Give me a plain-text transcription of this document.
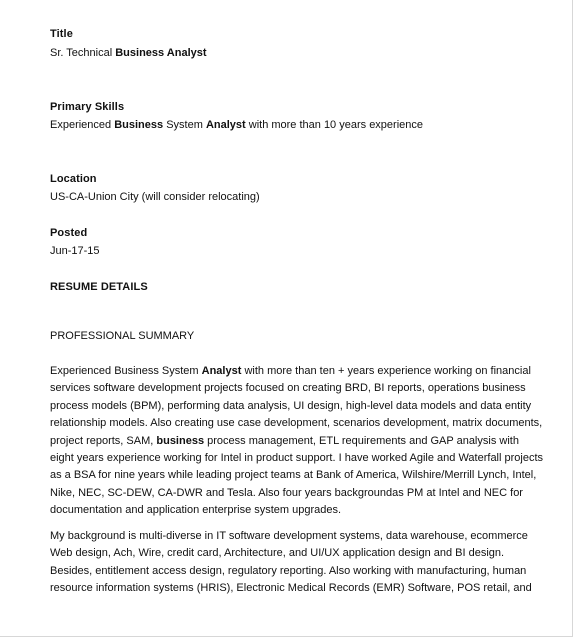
Title
Sr. Technical Business Analyst
Primary Skills
Experienced Business System Analyst with more than 10 years experience
Location
US-CA-Union City (will consider relocating)
Posted
Jun-17-15
RESUME DETAILS
PROFESSIONAL SUMMARY
Experienced Business System Analyst with more than ten + years experience working on financial
services software development projects focused on creating BRD, BI reports, operations business
process models (BPM), performing data analysis, UI design, high-level data models and data entity
relationship models. Also creating use case development, scenarios development, matrix documents,
project reports, SAM, business process management, ETL requirements and GAP analysis with
eight years experience working for Intel in product support. I have worked Agile and Waterfall projects
as a BSA for nine years while leading project teams at Bank of America, Wilshire/Merrill Lynch, Intel,
Nike, NEC, SC-DEW, CA-DWR and Tesla. Also four years backgroundas PM at Intel and NEC for
documentation and application enterprise system upgrades.
My background is multi-diverse in IT software development systems, data warehouse, ecommerce
Web design, Ach, Wire, credit card, Architecture, and UI/UX application design and BI design.
Besides, entitlement access design, regulatory reporting. Also working with manufacturing, human
resource information systems (HRIS), Electronic Medical Records (EMR) Software, POS retail, and
